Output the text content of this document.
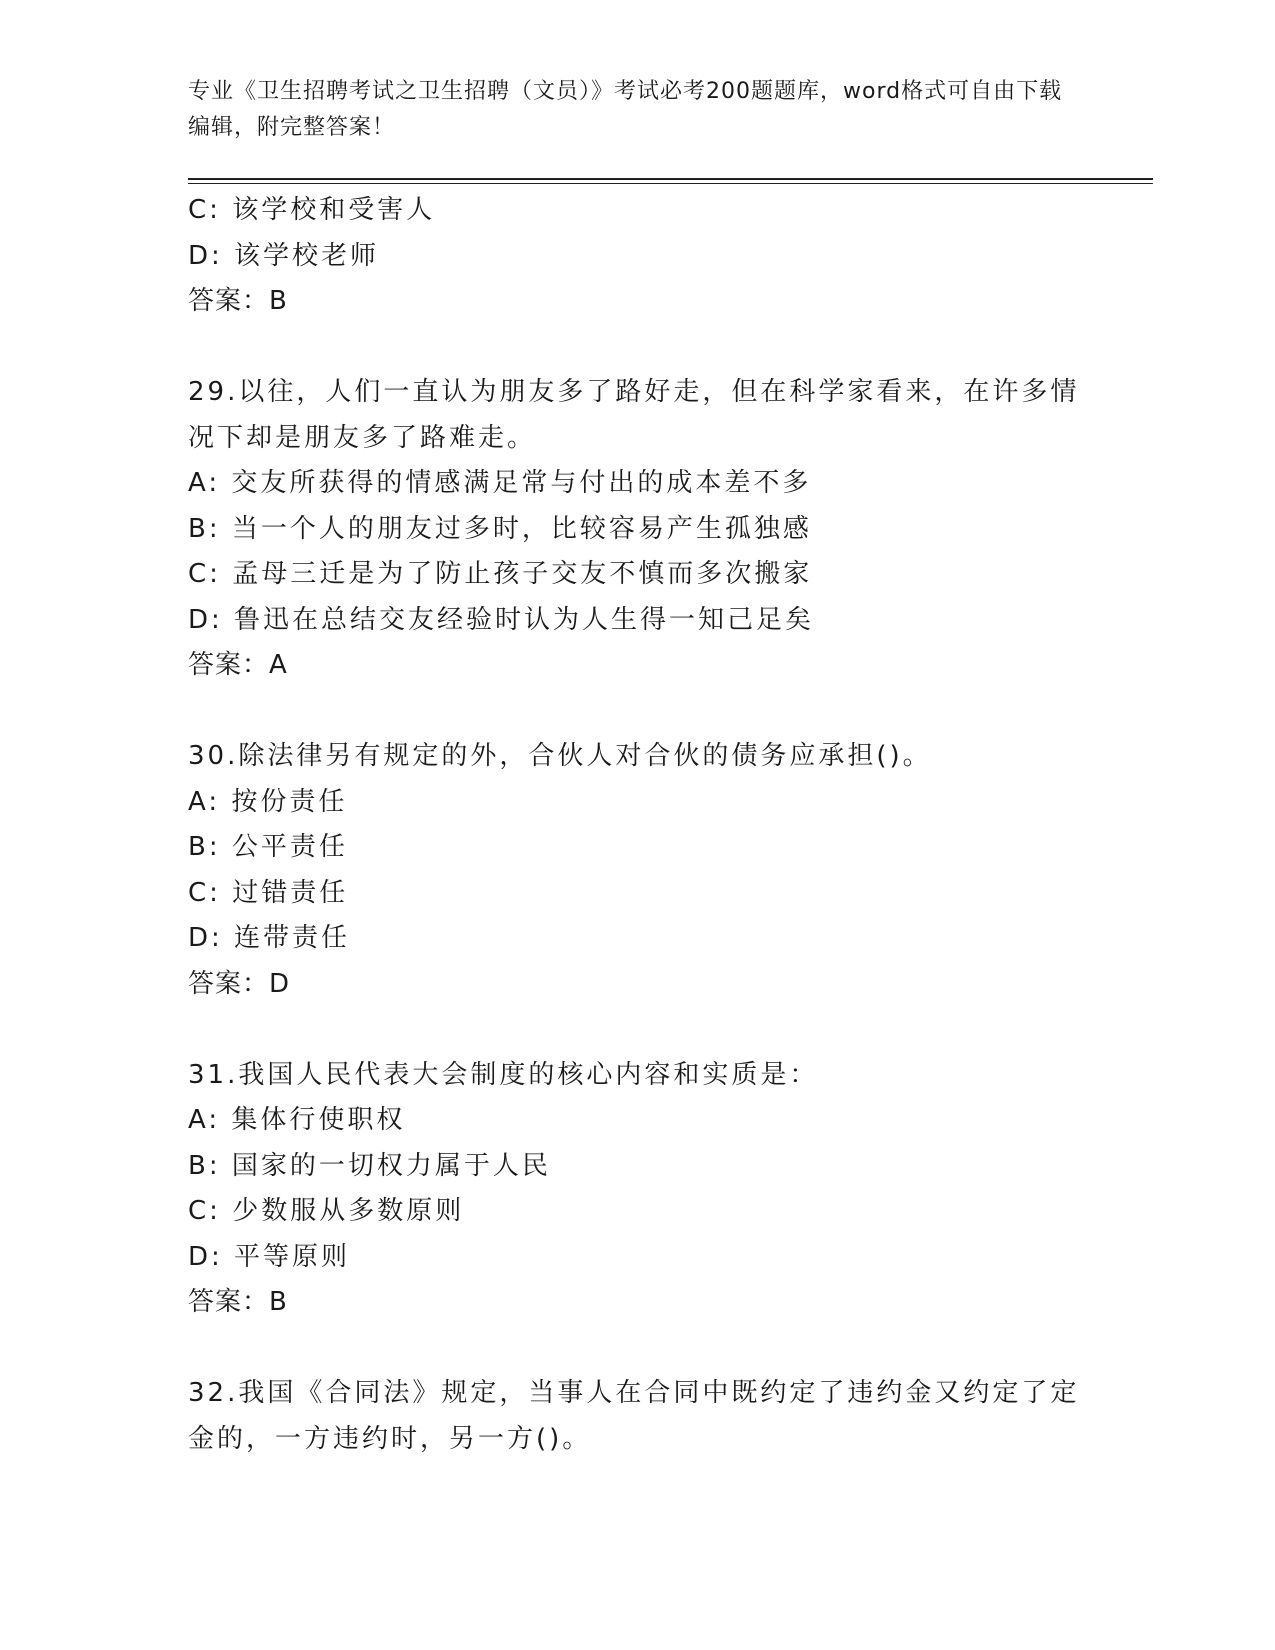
专业《卫生招聘考试之卫生招聘（文员）》考试必考200题题库，word格式可自由下载编辑，附完整答案！
C: 该学校和受害人
D: 该学校老师
答案：B
29.以往，人们一直认为朋友多了路好走，但在科学家看来，在许多情
况下却是朋友多了路难走。
A: 交友所获得的情感满足常与付出的成本差不多
B: 当一个人的朋友过多时，比较容易产生孤独感
C: 孟母三迁是为了防止孩子交友不慎而多次搬家
D: 鲁迅在总结交友经验时认为人生得一知己足矣
答案：A
30.除法律另有规定的外，合伙人对合伙的债务应承担()。
A: 按份责任
B: 公平责任
C: 过错责任
D: 连带责任
答案：D
31.我国人民代表大会制度的核心内容和实质是：
A: 集体行使职权
B: 国家的一切权力属于人民
C: 少数服从多数原则
D: 平等原则
答案：B
32.我国《合同法》规定，当事人在合同中既约定了违约金又约定了定
金的，一方违约时，另一方()。
